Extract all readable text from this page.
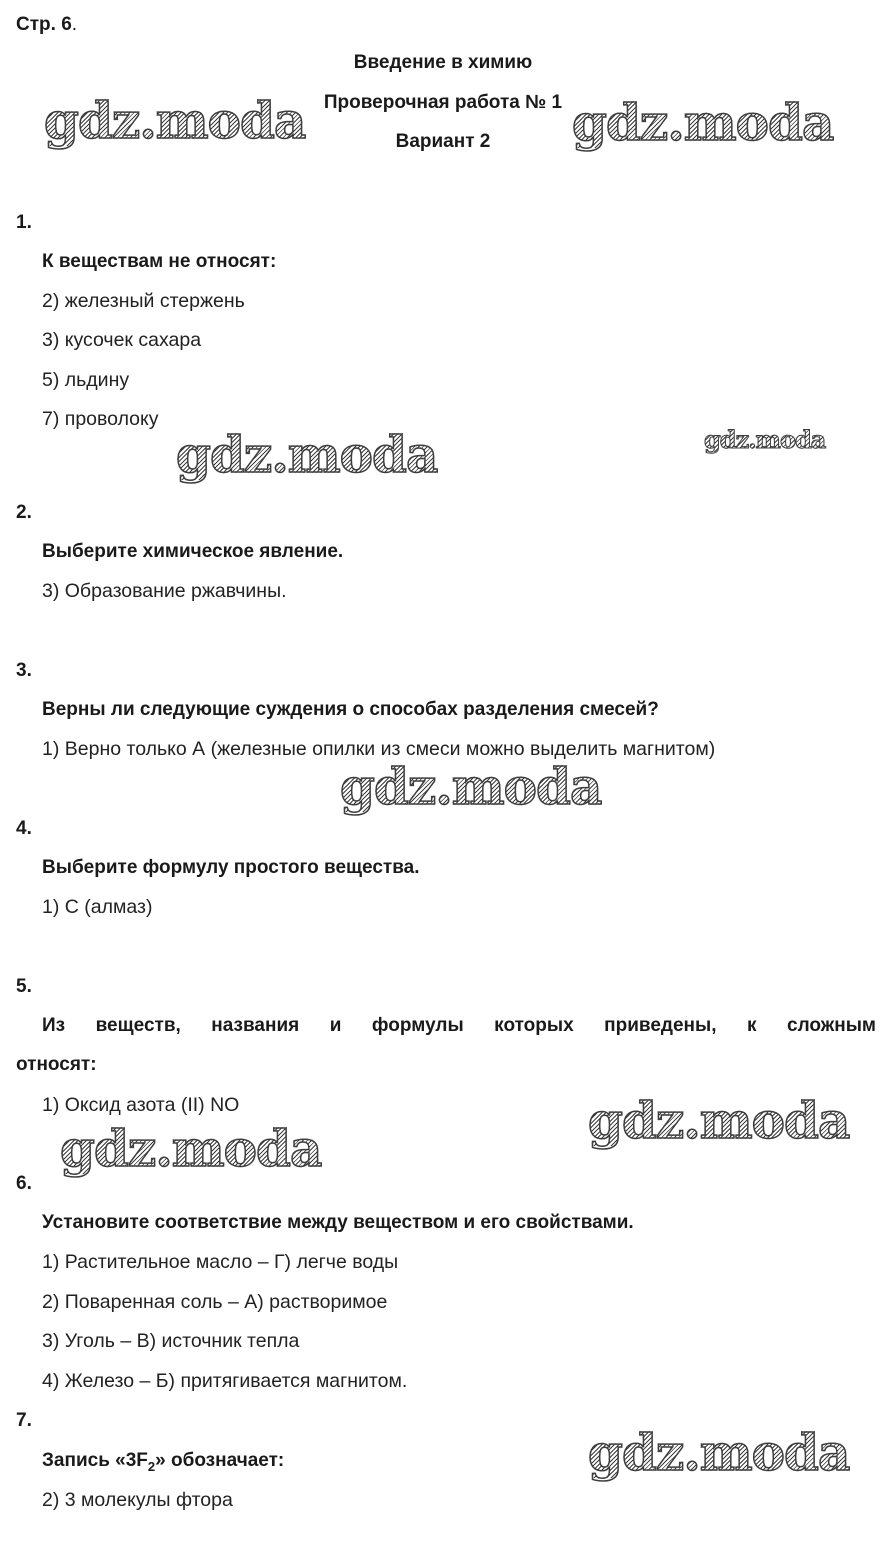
Стр. 6.
Введение в химию
Проверочная работа № 1
Вариант 2
gdz.moda	gdz.moda
gdz.moda	gdz.moda
gdz.moda
gdz.moda
gdz.moda
gdz.moda
1.
К веществам не относят:
2) железный стержень
3) кусочек сахара
5) льдину
7) проволоку
2.
Выберите химическое явление.
3) Образование ржавчины.
3.
Верны ли следующие суждения о способах разделения смесей?
1) Верно только А (железные опилки из смеси можно выделить магнитом)
4.
Выберите формулу простого вещества.
1) С (алмаз)
5.
Из веществ, названия и формулы которых приведены, к сложным
относят:
1) Оксид азота (II) NO
6.
Установите соответствие между веществом и его свойствами.
1) Растительное масло – Г) легче воды
2) Поваренная соль – А) растворимое
3) Уголь – В) источник тепла
4) Железо – Б) притягивается магнитом.
7.
Запись «$3F_2$» обозначает:
2) 3 молекулы фтора
